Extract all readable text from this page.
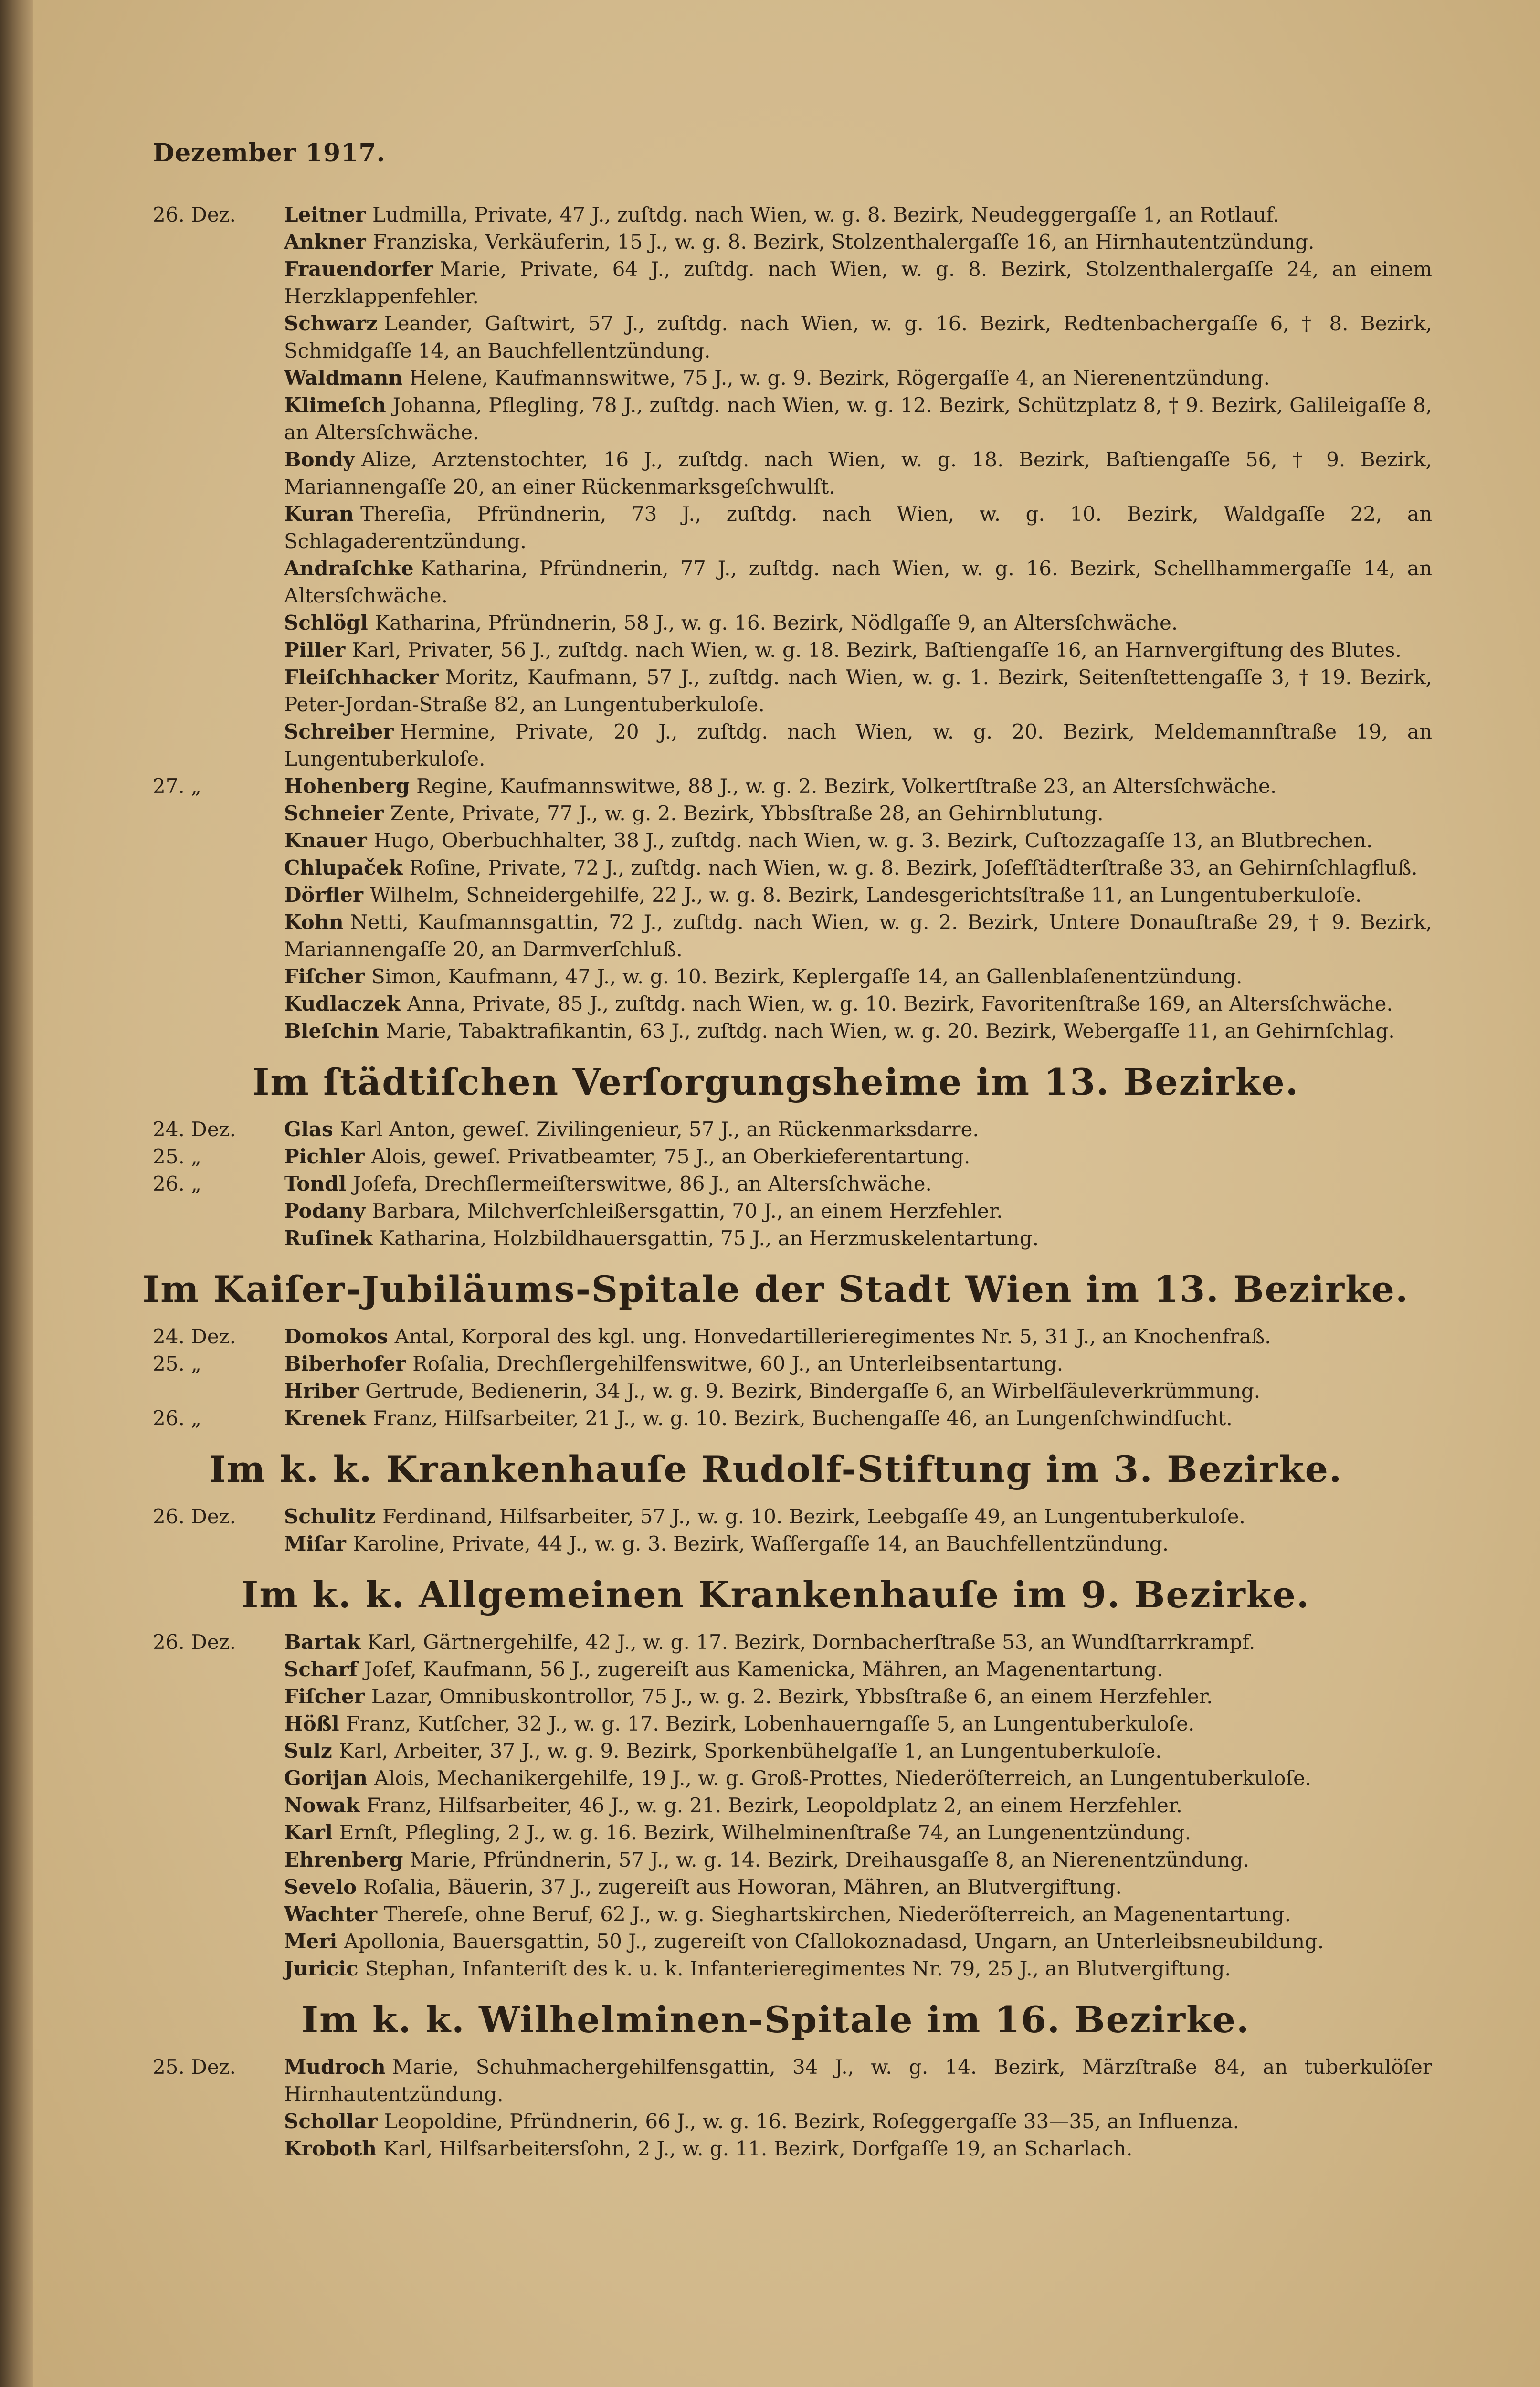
Dezember 1917.
26. Dez.	Leitner Ludmilla, Private, 47 J., zuſtdg. nach Wien, w. g. 8. Bezirk, Neudeggergaſſe 1, an Rotlauf.
Ankner Franziska, Verkäuferin, 15 J., w. g. 8. Bezirk, Stolzenthalergaſſe 16, an Hirnhautentzündung.
Frauendorfer Marie, Private, 64 J., zuſtdg. nach Wien, w. g. 8. Bezirk, Stolzenthalergaſſe 24, an einem Herzklappenfehler.
Schwarz Leander, Gaſtwirt, 57 J., zuſtdg. nach Wien, w. g. 16. Bezirk, Redtenbachergaſſe 6, † 8. Bezirk, Schmidgaſſe 14, an Bauchfellentzündung.
Waldmann Helene, Kaufmannswitwe, 75 J., w. g. 9. Bezirk, Rögergaſſe 4, an Nierenentzündung.
Klimeſch Johanna, Pflegling, 78 J., zuſtdg. nach Wien, w. g. 12. Bezirk, Schützplatz 8, † 9. Bezirk, Galileigaſſe 8, an Altersſchwäche.
Bondy Alize, Arztenstochter, 16 J., zuſtdg. nach Wien, w. g. 18. Bezirk, Baſtiengaſſe 56, † 9. Bezirk, Mariannengaſſe 20, an einer Rückenmarksgeſchwulſt.
Kuran Thereſia, Pfründnerin, 73 J., zuſtdg. nach Wien, w. g. 10. Bezirk, Waldgaſſe 22, an Schlagaderentzündung.
Andraſchke Katharina, Pfründnerin, 77 J., zuſtdg. nach Wien, w. g. 16. Bezirk, Schellhammergaſſe 14, an Altersſchwäche.
Schlögl Katharina, Pfründnerin, 58 J., w. g. 16. Bezirk, Nödlgaſſe 9, an Altersſchwäche.
Piller Karl, Privater, 56 J., zuſtdg. nach Wien, w. g. 18. Bezirk, Baſtiengaſſe 16, an Harnvergiftung des Blutes.
Fleiſchhacker Moritz, Kaufmann, 57 J., zuſtdg. nach Wien, w. g. 1. Bezirk, Seitenſtettengaſſe 3, † 19. Bezirk, Peter-Jordan-Straße 82, an Lungentuberkuloſe.
Schreiber Hermine, Private, 20 J., zuſtdg. nach Wien, w. g. 20. Bezirk, Meldemannſtraße 19, an Lungentuberkuloſe.
27. „	Hohenberg Regine, Kaufmannswitwe, 88 J., w. g. 2. Bezirk, Volkertſtraße 23, an Altersſchwäche.
Schneier Zente, Private, 77 J., w. g. 2. Bezirk, Ybbsſtraße 28, an Gehirnblutung.
Knauer Hugo, Oberbuchhalter, 38 J., zuſtdg. nach Wien, w. g. 3. Bezirk, Cuſtozzagaſſe 13, an Blutbrechen.
Chlupaček Roſine, Private, 72 J., zuſtdg. nach Wien, w. g. 8. Bezirk, Joſefſtädterſtraße 33, an Gehirnſchlagfluß.
Dörfler Wilhelm, Schneidergehilfe, 22 J., w. g. 8. Bezirk, Landesgerichtsſtraße 11, an Lungentuberkuloſe.
Kohn Netti, Kaufmannsgattin, 72 J., zuſtdg. nach Wien, w. g. 2. Bezirk, Untere Donauſtraße 29, † 9. Bezirk, Mariannengaſſe 20, an Darmverſchluß.
Fiſcher Simon, Kaufmann, 47 J., w. g. 10. Bezirk, Keplergaſſe 14, an Gallenblaſenentzündung.
Kudlaczek Anna, Private, 85 J., zuſtdg. nach Wien, w. g. 10. Bezirk, Favoritenſtraße 169, an Altersſchwäche.
Bleſchin Marie, Tabaktrafikantin, 63 J., zuſtdg. nach Wien, w. g. 20. Bezirk, Webergaſſe 11, an Gehirnſchlag.
Im ſtädtiſchen Verſorgungsheime im 13. Bezirke.
24. Dez.	Glas Karl Anton, geweſ. Zivilingenieur, 57 J., an Rückenmarksdarre.
25. „	Pichler Alois, geweſ. Privatbeamter, 75 J., an Oberkieferentartung.
26. „	Tondl Joſefa, Drechſlermeiſterswitwe, 86 J., an Altersſchwäche.
Podany Barbara, Milchverſchleißersgattin, 70 J., an einem Herzfehler.
Ruſinek Katharina, Holzbildhauersgattin, 75 J., an Herzmuskelentartung.
Im Kaiſer-Jubiläums-Spitale der Stadt Wien im 13. Bezirke.
24. Dez.	Domokos Antal, Korporal des kgl. ung. Honvedartillerieregimentes Nr. 5, 31 J., an Knochenfraß.
25. „	Biberhofer Roſalia, Drechſlergehilfenswitwe, 60 J., an Unterleibsentartung.
Hriber Gertrude, Bedienerin, 34 J., w. g. 9. Bezirk, Bindergaſſe 6, an Wirbelſäuleverkrümmung.
26. „	Krenek Franz, Hilfsarbeiter, 21 J., w. g. 10. Bezirk, Buchengaſſe 46, an Lungenſchwindſucht.
Im k. k. Krankenhauſe Rudolf-Stiftung im 3. Bezirke.
26. Dez.	Schulitz Ferdinand, Hilfsarbeiter, 57 J., w. g. 10. Bezirk, Leebgaſſe 49, an Lungentuberkuloſe.
Miſar Karoline, Private, 44 J., w. g. 3. Bezirk, Waſſergaſſe 14, an Bauchfellentzündung.
Im k. k. Allgemeinen Krankenhauſe im 9. Bezirke.
26. Dez.	Bartak Karl, Gärtnergehilfe, 42 J., w. g. 17. Bezirk, Dornbacherſtraße 53, an Wundſtarrkrampf.
Scharf Joſef, Kaufmann, 56 J., zugereiſt aus Kamenicka, Mähren, an Magenentartung.
Fiſcher Lazar, Omnibuskontrollor, 75 J., w. g. 2. Bezirk, Ybbsſtraße 6, an einem Herzfehler.
Hößl Franz, Kutſcher, 32 J., w. g. 17. Bezirk, Lobenhauerngaſſe 5, an Lungentuberkuloſe.
Sulz Karl, Arbeiter, 37 J., w. g. 9. Bezirk, Sporkenbühelgaſſe 1, an Lungentuberkuloſe.
Gorijan Alois, Mechanikergehilfe, 19 J., w. g. Groß-Prottes, Niederöſterreich, an Lungentuberkuloſe.
Nowak Franz, Hilfsarbeiter, 46 J., w. g. 21. Bezirk, Leopoldplatz 2, an einem Herzfehler.
Karl Ernſt, Pflegling, 2 J., w. g. 16. Bezirk, Wilhelminenſtraße 74, an Lungenentzündung.
Ehrenberg Marie, Pfründnerin, 57 J., w. g. 14. Bezirk, Dreihausgaſſe 8, an Nierenentzündung.
Sevelo Roſalia, Bäuerin, 37 J., zugereiſt aus Howoran, Mähren, an Blutvergiftung.
Wachter Thereſe, ohne Beruf, 62 J., w. g. Sieghartskirchen, Niederöſterreich, an Magenentartung.
Meri Apollonia, Bauersgattin, 50 J., zugereiſt von Cſallokoznadasd, Ungarn, an Unterleibsneubildung.
Juricic Stephan, Infanteriſt des k. u. k. Infanterieregimentes Nr. 79, 25 J., an Blutvergiftung.
Im k. k. Wilhelminen-Spitale im 16. Bezirke.
25. Dez.	Mudroch Marie, Schuhmachergehilfensgattin, 34 J., w. g. 14. Bezirk, Märzſtraße 84, an tuberkulöſer Hirnhautentzündung.
Schollar Leopoldine, Pfründnerin, 66 J., w. g. 16. Bezirk, Roſeggergaſſe 33—35, an Influenza.
Kroboth Karl, Hilfsarbeitersſohn, 2 J., w. g. 11. Bezirk, Dorfgaſſe 19, an Scharlach.
